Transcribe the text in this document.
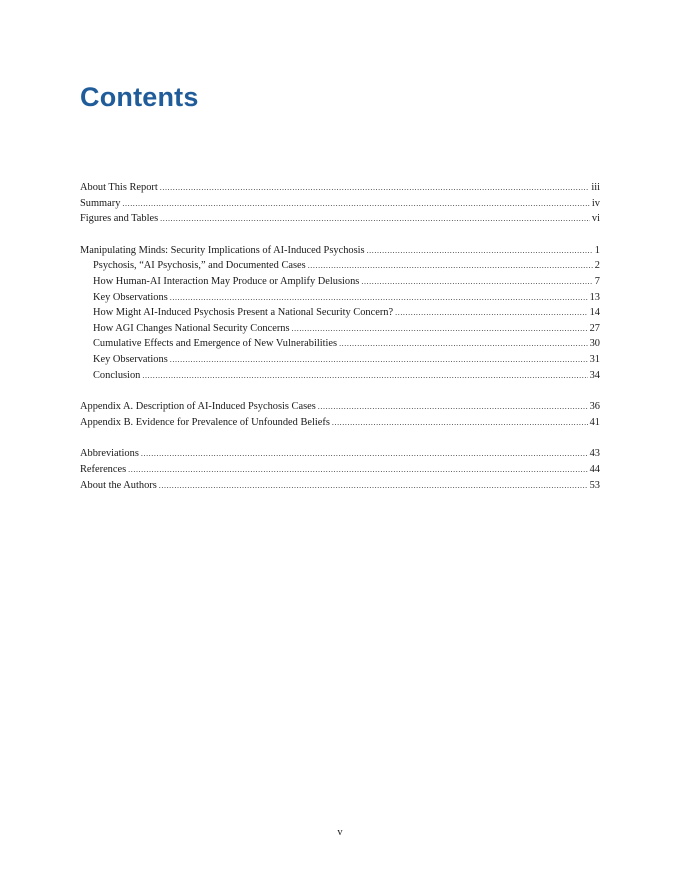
Contents
About This Report .....	iii
Summary .....	iv
Figures and Tables .....	vi
Manipulating Minds: Security Implications of AI-Induced Psychosis .....	1
Psychosis, “AI Psychosis,” and Documented Cases .....	2
How Human-AI Interaction May Produce or Amplify Delusions .....	7
Key Observations .....	13
How Might AI-Induced Psychosis Present a National Security Concern? .....	14
How AGI Changes National Security Concerns .....	27
Cumulative Effects and Emergence of New Vulnerabilities .....	30
Key Observations .....	31
Conclusion .....	34
Appendix A. Description of AI-Induced Psychosis Cases .....	36
Appendix B. Evidence for Prevalence of Unfounded Beliefs .....	41
Abbreviations .....	43
References .....	44
About the Authors .....	53
v
